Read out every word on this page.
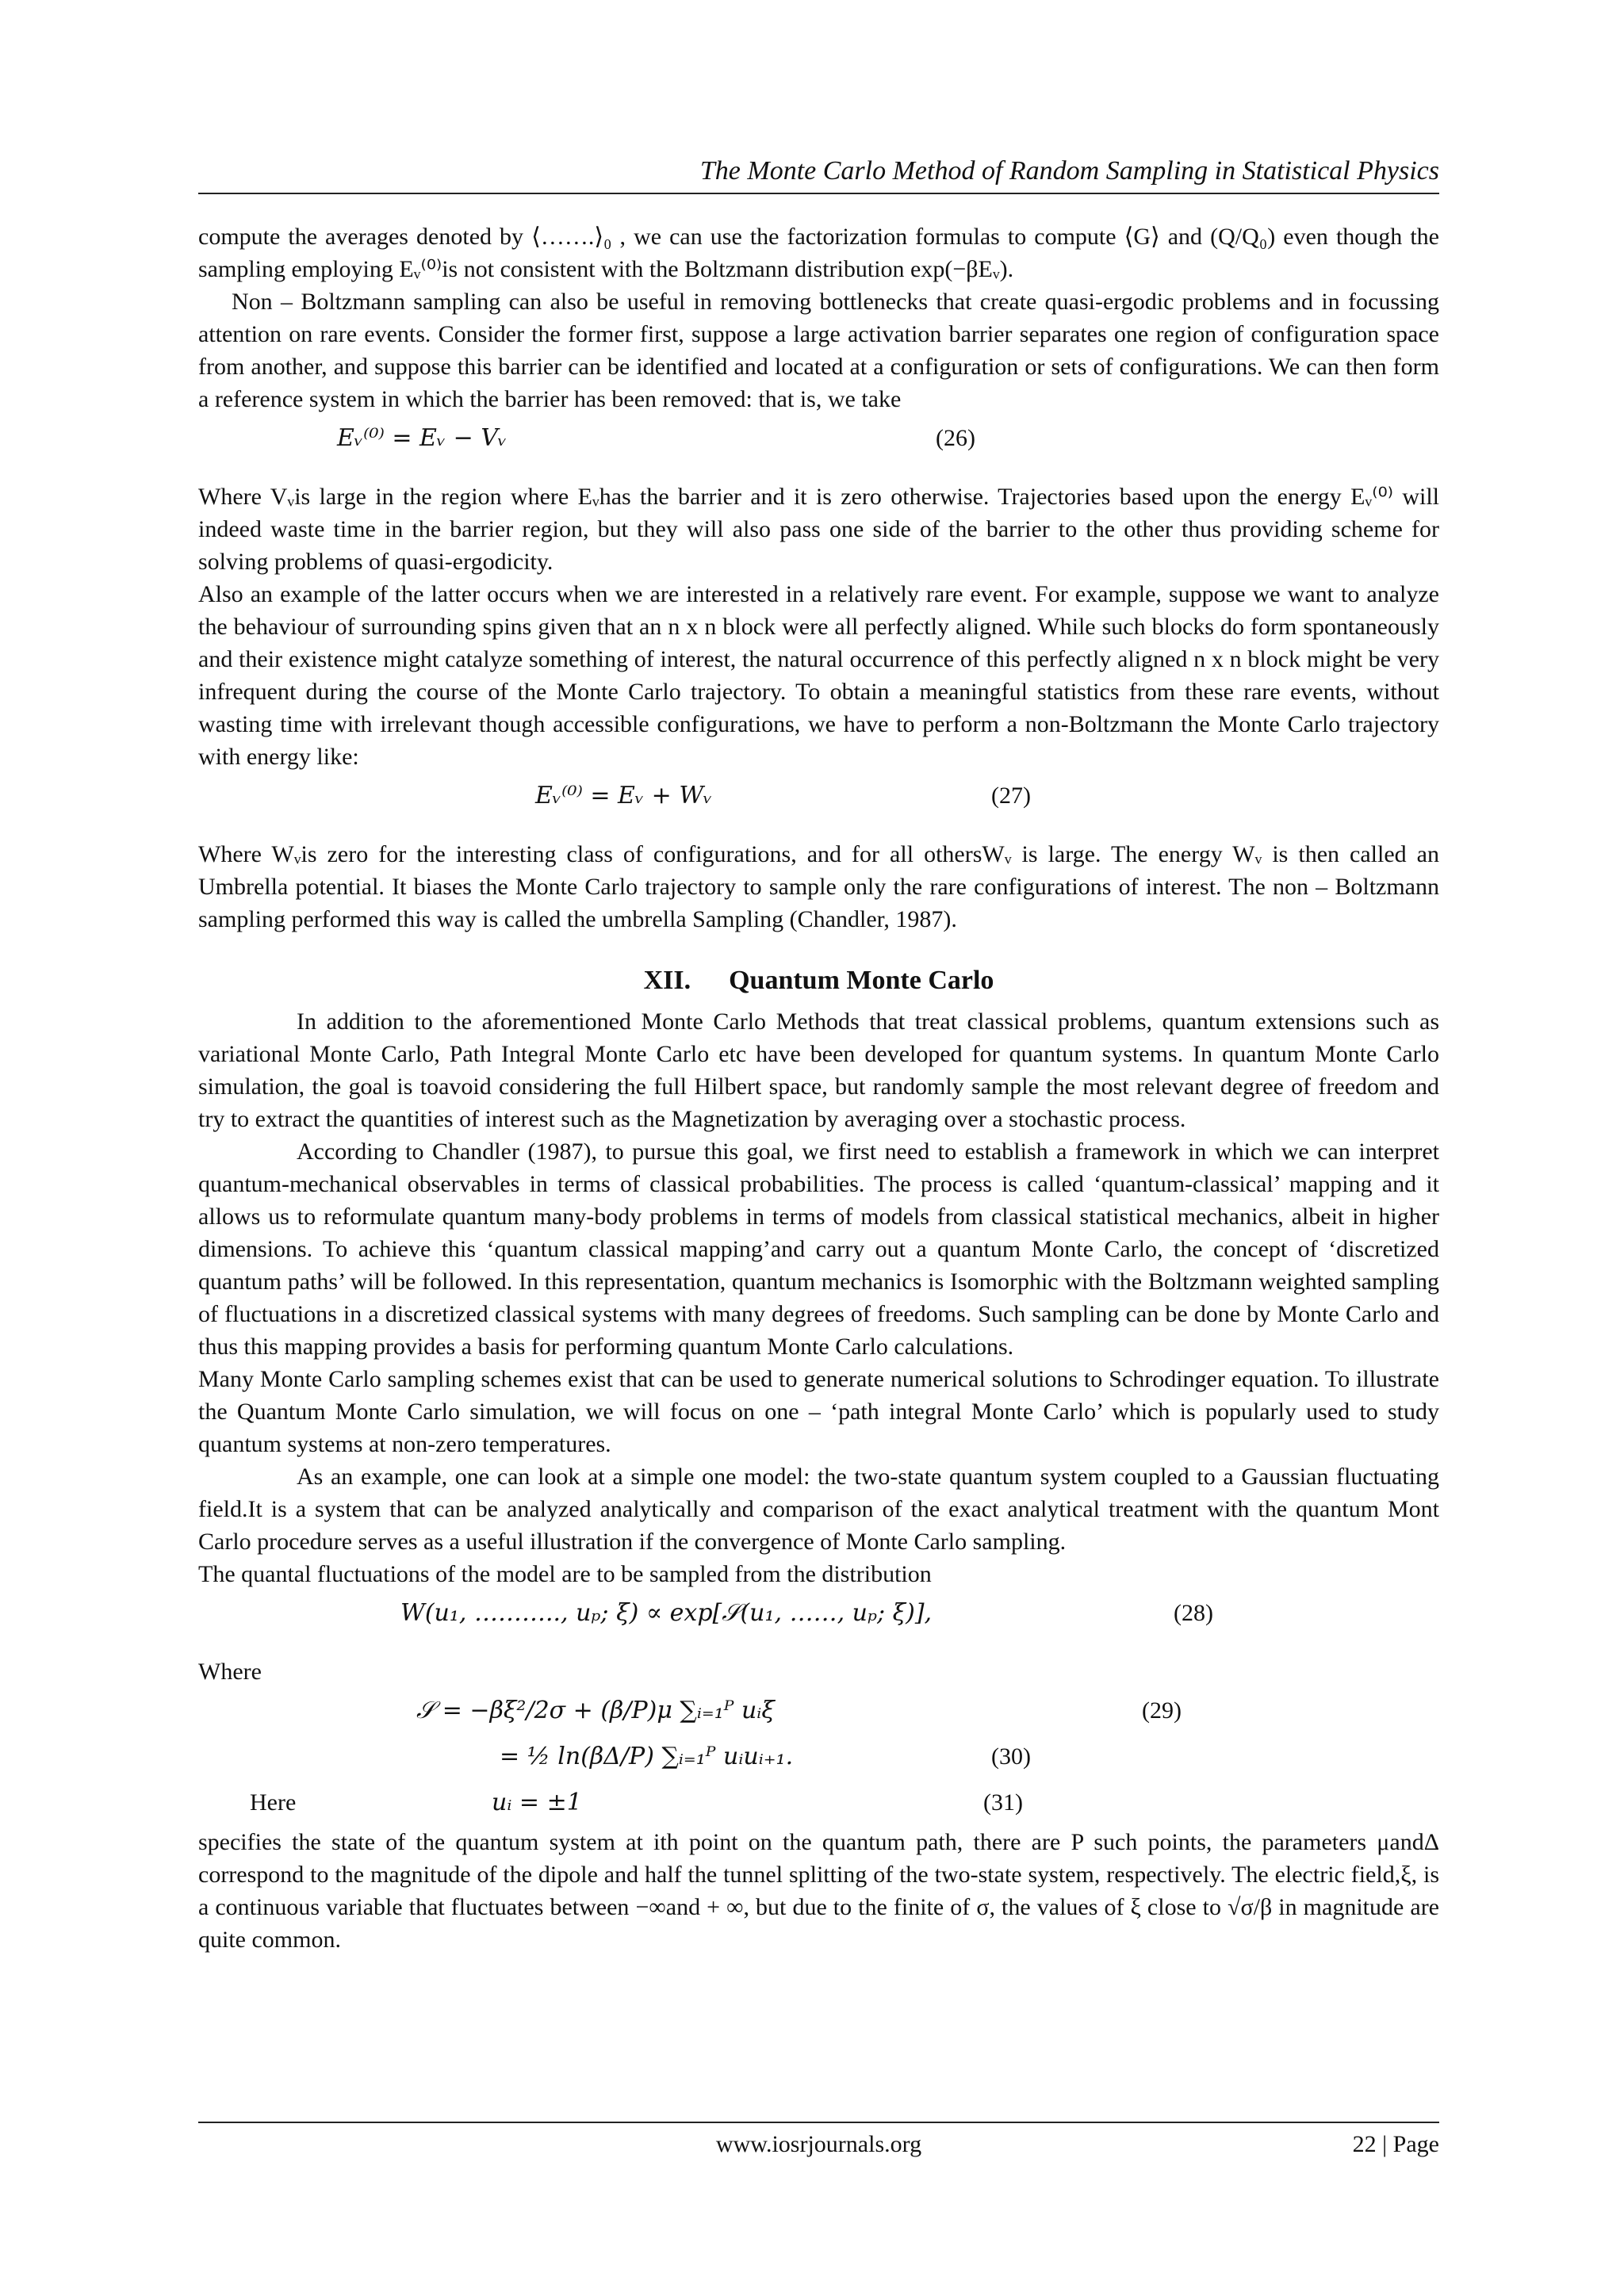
The Monte Carlo Method of Random Sampling in Statistical Physics

compute the averages denoted by ⟨…….⟩₀ , we can use the factorization formulas to compute ⟨G⟩ and (Q/Q₀) even though the sampling employing Eᵥ⁽⁰⁾is not consistent with the Boltzmann distribution exp(−βEᵥ).

Non – Boltzmann sampling can also be useful in removing bottlenecks that create quasi-ergodic problems and in focussing attention on rare events. Consider the former first, suppose a large activation barrier separates one region of configuration space from another, and suppose this barrier can be identified and located at a configuration or sets of configurations. We can then form a reference system in which the barrier has been removed: that is, we take

Eᵥ⁽⁰⁾ = Eᵥ − Vᵥ	(26)

Where Vᵥis large in the region where Eᵥhas the barrier and it is zero otherwise. Trajectories based upon the energy Eᵥ⁽⁰⁾ will indeed waste time in the barrier region, but they will also pass one side of the barrier to the other thus providing scheme for solving problems of quasi-ergodicity.

Also an example of the latter occurs when we are interested in a relatively rare event. For example, suppose we want to analyze the behaviour of surrounding spins given that an n x n block were all perfectly aligned. While such blocks do form spontaneously and their existence might catalyze something of interest, the natural occurrence of this perfectly aligned n x n block might be very infrequent during the course of the Monte Carlo trajectory. To obtain a meaningful statistics from these rare events, without wasting time with irrelevant though accessible configurations, we have to perform a non-Boltzmann the Monte Carlo trajectory with energy like:

Eᵥ⁽⁰⁾ = Eᵥ + Wᵥ	(27)

Where Wᵥis zero for the interesting class of configurations, and for all othersWᵥ is large. The energy Wᵥ is then called an Umbrella potential. It biases the Monte Carlo trajectory to sample only the rare configurations of interest. The non – Boltzmann sampling performed this way is called the umbrella Sampling (Chandler, 1987).

XII. Quantum Monte Carlo

In addition to the aforementioned Monte Carlo Methods that treat classical problems, quantum extensions such as variational Monte Carlo, Path Integral Monte Carlo etc have been developed for quantum systems. In quantum Monte Carlo simulation, the goal is toavoid considering the full Hilbert space, but randomly sample the most relevant degree of freedom and try to extract the quantities of interest such as the Magnetization by averaging over a stochastic process.

According to Chandler (1987), to pursue this goal, we first need to establish a framework in which we can interpret quantum-mechanical observables in terms of classical probabilities. The process is called ‘quantum-classical’ mapping and it allows us to reformulate quantum many-body problems in terms of models from classical statistical mechanics, albeit in higher dimensions. To achieve this ‘quantum classical mapping’and carry out a quantum Monte Carlo, the concept of ‘discretized quantum paths’ will be followed. In this representation, quantum mechanics is Isomorphic with the Boltzmann weighted sampling of fluctuations in a discretized classical systems with many degrees of freedoms. Such sampling can be done by Monte Carlo and thus this mapping provides a basis for performing quantum Monte Carlo calculations.

Many Monte Carlo sampling schemes exist that can be used to generate numerical solutions to Schrodinger equation. To illustrate the Quantum Monte Carlo simulation, we will focus on one – ‘path integral Monte Carlo’ which is popularly used to study quantum systems at non-zero temperatures.

As an example, one can look at a simple one model: the two-state quantum system coupled to a Gaussian fluctuating field.It is a system that can be analyzed analytically and comparison of the exact analytical treatment with the quantum Mont Carlo procedure serves as a useful illustration if the convergence of Monte Carlo sampling.

The quantal fluctuations of the model are to be sampled from the distribution

W(u₁, ……….., uₚ; ξ) ∝ exp[𝒮(u₁, ……, uₚ; ξ)],	(28)

Where

𝒮 = −βξ²/2σ + (β/P)μ ∑ᵢ₌₁ᴾ uᵢξ	(29)
= ½ ln(βΔ/P) ∑ᵢ₌₁ᴾ uᵢuᵢ₊₁.	(30)
Here	uᵢ = ±1	(31)

specifies the state of the quantum system at ith point on the quantum path, there are P such points, the parameters μandΔ correspond to the magnitude of the dipole and half the tunnel splitting of the two-state system, respectively. The electric field,ξ, is a continuous variable that fluctuates between −∞and + ∞, but due to the finite of σ, the values of ξ close to √σ/β in magnitude are quite common.

www.iosrjournals.org	22 | Page
